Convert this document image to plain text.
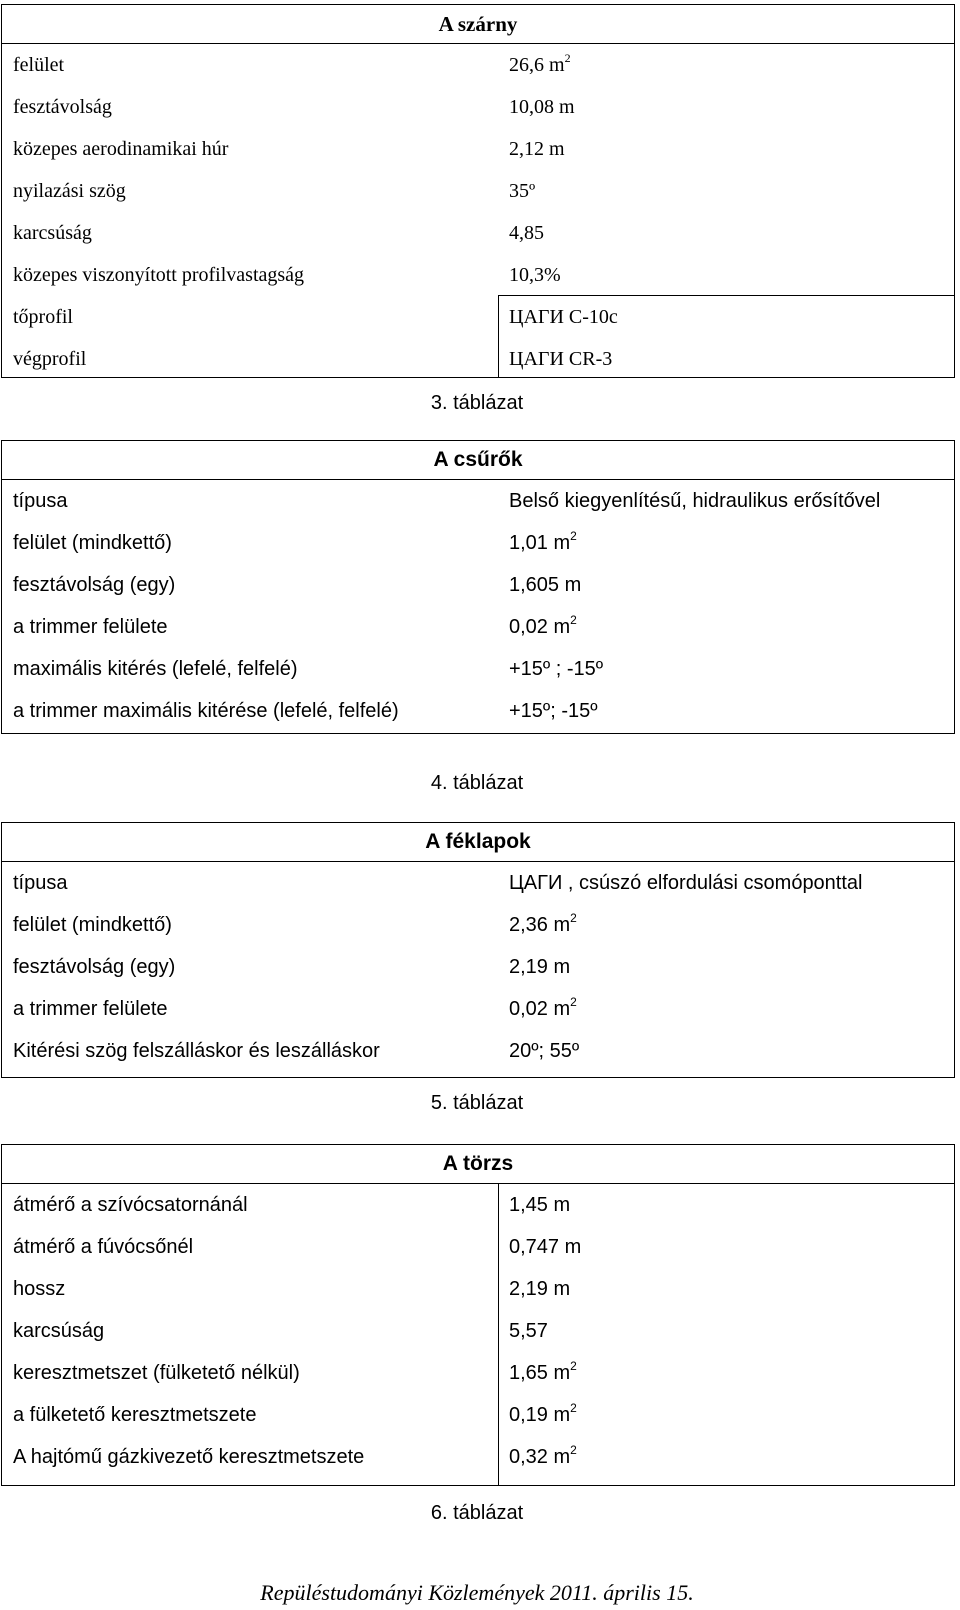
A szárny
felület	26,6 $m^2$
fesztávolság	10,08 m
közepes aerodinamikai húr	2,12 m
nyilazási szög	35º
karcsúság	4,85
közepes viszonyított profilvastagság	10,3%
tőprofil	ЦАГИ C-10c
végprofil	ЦАГИ CR-3
3. táblázat
A csűrők
típusa	Belső kiegyenlítésű, hidraulikus erősítővel
felület (mindkettő)	1,01 $m^2$
fesztávolság (egy)	1,605 m
a trimmer felülete	0,02 $m^2$
maximális kitérés (lefelé, felfelé)	+15º ; -15º
a trimmer maximális kitérése (lefelé, felfelé)	+15º; -15º
4. táblázat
A féklapok
típusa	ЦАГИ , csúszó elfordulási csomóponttal
felület (mindkettő)	2,36 $m^2$
fesztávolság (egy)	2,19 m
a trimmer felülete	0,02 $m^2$
Kitérési szög felszálláskor és leszálláskor	20º; 55º
5. táblázat
A törzs
átmérő a szívócsatornánál	1,45 m
átmérő a fúvócsőnél	0,747 m
hossz	2,19 m
karcsúság	5,57
keresztmetszet (fülketető nélkül)	1,65 $m^2$
a fülketető keresztmetszete	0,19 $m^2$
A hajtómű gázkivezető keresztmetszete	0,32 $m^2$
6. táblázat
Repüléstudományi Közlemények 2011. április 15.
